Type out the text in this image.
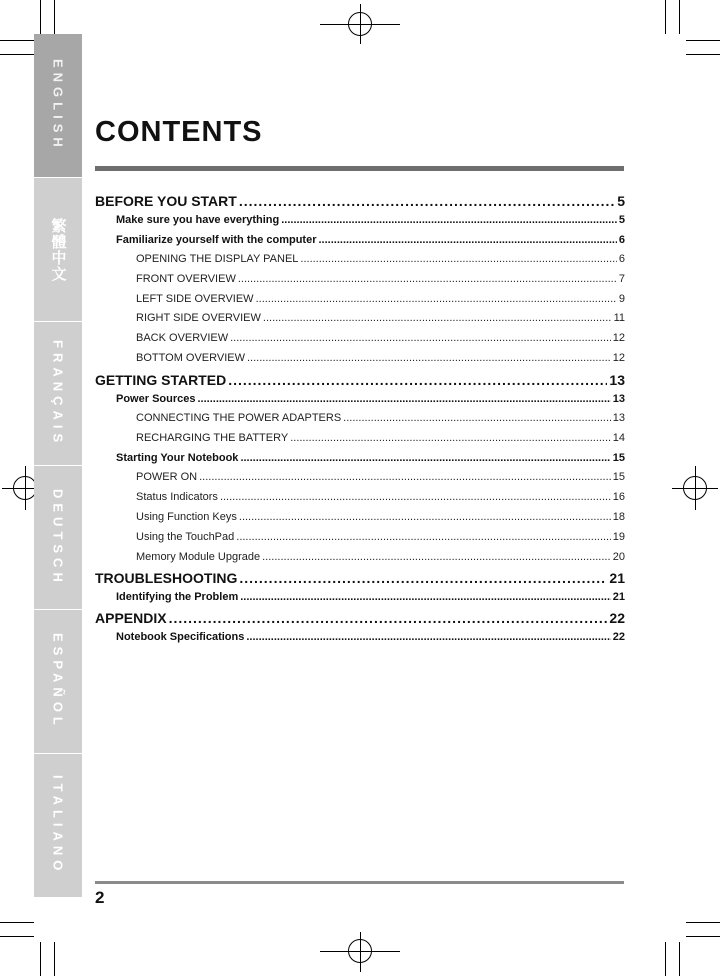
ENGLISH
繁體中文
FRANÇAIS
DEUTSCH
ESPAÑOL
ITALIANO
CONTENTS
BEFORE YOU START .....	5
Make sure you have everything .....	5
Familiarize yourself with the computer .....	6
OPENING THE DISPLAY PANEL .....	6
FRONT OVERVIEW .....	7
LEFT SIDE OVERVIEW .....	9
RIGHT SIDE OVERVIEW .....	11
BACK OVERVIEW .....	12
BOTTOM OVERVIEW .....	12
GETTING STARTED .....	13
Power Sources .....	13
CONNECTING THE POWER ADAPTERS .....	13
RECHARGING THE BATTERY .....	14
Starting Your Notebook .....	15
POWER ON .....	15
Status Indicators .....	16
Using Function Keys .....	18
Using the TouchPad .....	19
Memory Module Upgrade .....	20
TROUBLESHOOTING .....	21
Identifying the Problem .....	21
APPENDIX .....	22
Notebook Specifications .....	22
2
